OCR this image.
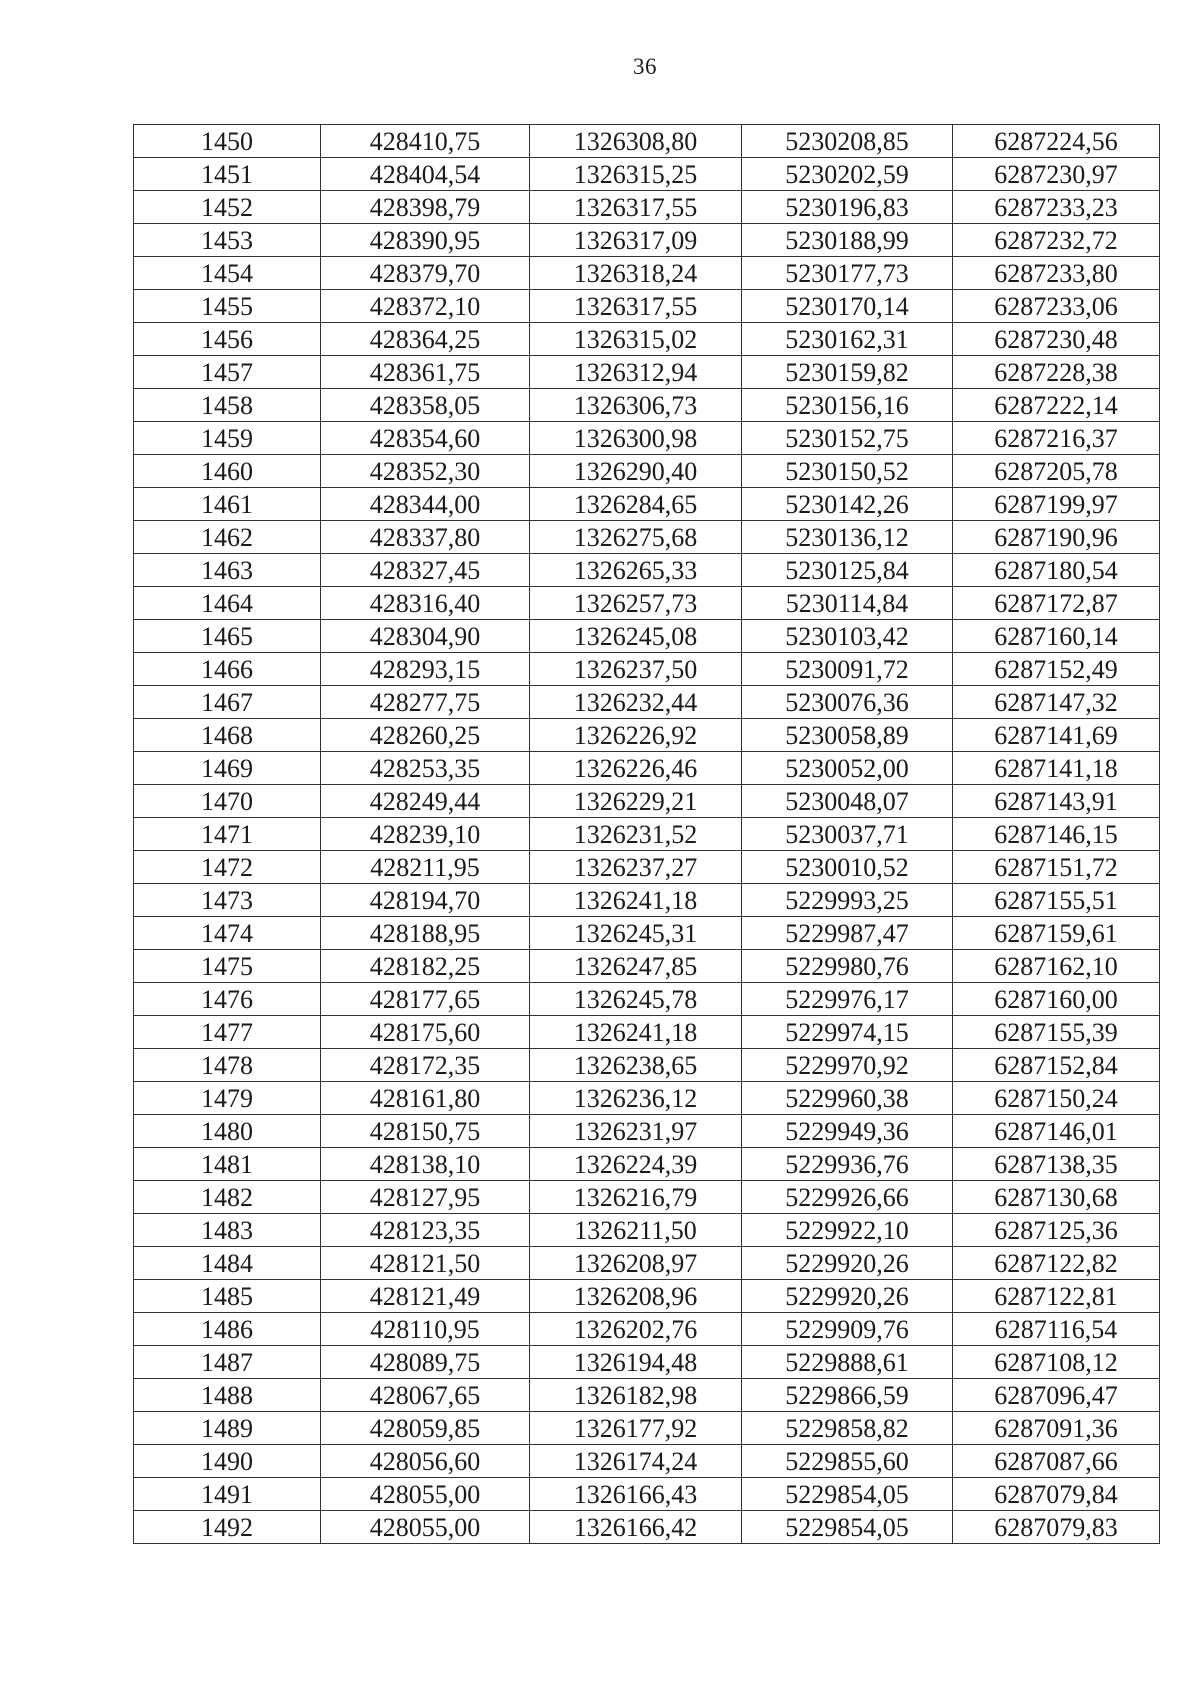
36
1450	428410,75	1326308,80	5230208,85	6287224,56
1451	428404,54	1326315,25	5230202,59	6287230,97
1452	428398,79	1326317,55	5230196,83	6287233,23
1453	428390,95	1326317,09	5230188,99	6287232,72
1454	428379,70	1326318,24	5230177,73	6287233,80
1455	428372,10	1326317,55	5230170,14	6287233,06
1456	428364,25	1326315,02	5230162,31	6287230,48
1457	428361,75	1326312,94	5230159,82	6287228,38
1458	428358,05	1326306,73	5230156,16	6287222,14
1459	428354,60	1326300,98	5230152,75	6287216,37
1460	428352,30	1326290,40	5230150,52	6287205,78
1461	428344,00	1326284,65	5230142,26	6287199,97
1462	428337,80	1326275,68	5230136,12	6287190,96
1463	428327,45	1326265,33	5230125,84	6287180,54
1464	428316,40	1326257,73	5230114,84	6287172,87
1465	428304,90	1326245,08	5230103,42	6287160,14
1466	428293,15	1326237,50	5230091,72	6287152,49
1467	428277,75	1326232,44	5230076,36	6287147,32
1468	428260,25	1326226,92	5230058,89	6287141,69
1469	428253,35	1326226,46	5230052,00	6287141,18
1470	428249,44	1326229,21	5230048,07	6287143,91
1471	428239,10	1326231,52	5230037,71	6287146,15
1472	428211,95	1326237,27	5230010,52	6287151,72
1473	428194,70	1326241,18	5229993,25	6287155,51
1474	428188,95	1326245,31	5229987,47	6287159,61
1475	428182,25	1326247,85	5229980,76	6287162,10
1476	428177,65	1326245,78	5229976,17	6287160,00
1477	428175,60	1326241,18	5229974,15	6287155,39
1478	428172,35	1326238,65	5229970,92	6287152,84
1479	428161,80	1326236,12	5229960,38	6287150,24
1480	428150,75	1326231,97	5229949,36	6287146,01
1481	428138,10	1326224,39	5229936,76	6287138,35
1482	428127,95	1326216,79	5229926,66	6287130,68
1483	428123,35	1326211,50	5229922,10	6287125,36
1484	428121,50	1326208,97	5229920,26	6287122,82
1485	428121,49	1326208,96	5229920,26	6287122,81
1486	428110,95	1326202,76	5229909,76	6287116,54
1487	428089,75	1326194,48	5229888,61	6287108,12
1488	428067,65	1326182,98	5229866,59	6287096,47
1489	428059,85	1326177,92	5229858,82	6287091,36
1490	428056,60	1326174,24	5229855,60	6287087,66
1491	428055,00	1326166,43	5229854,05	6287079,84
1492	428055,00	1326166,42	5229854,05	6287079,83
